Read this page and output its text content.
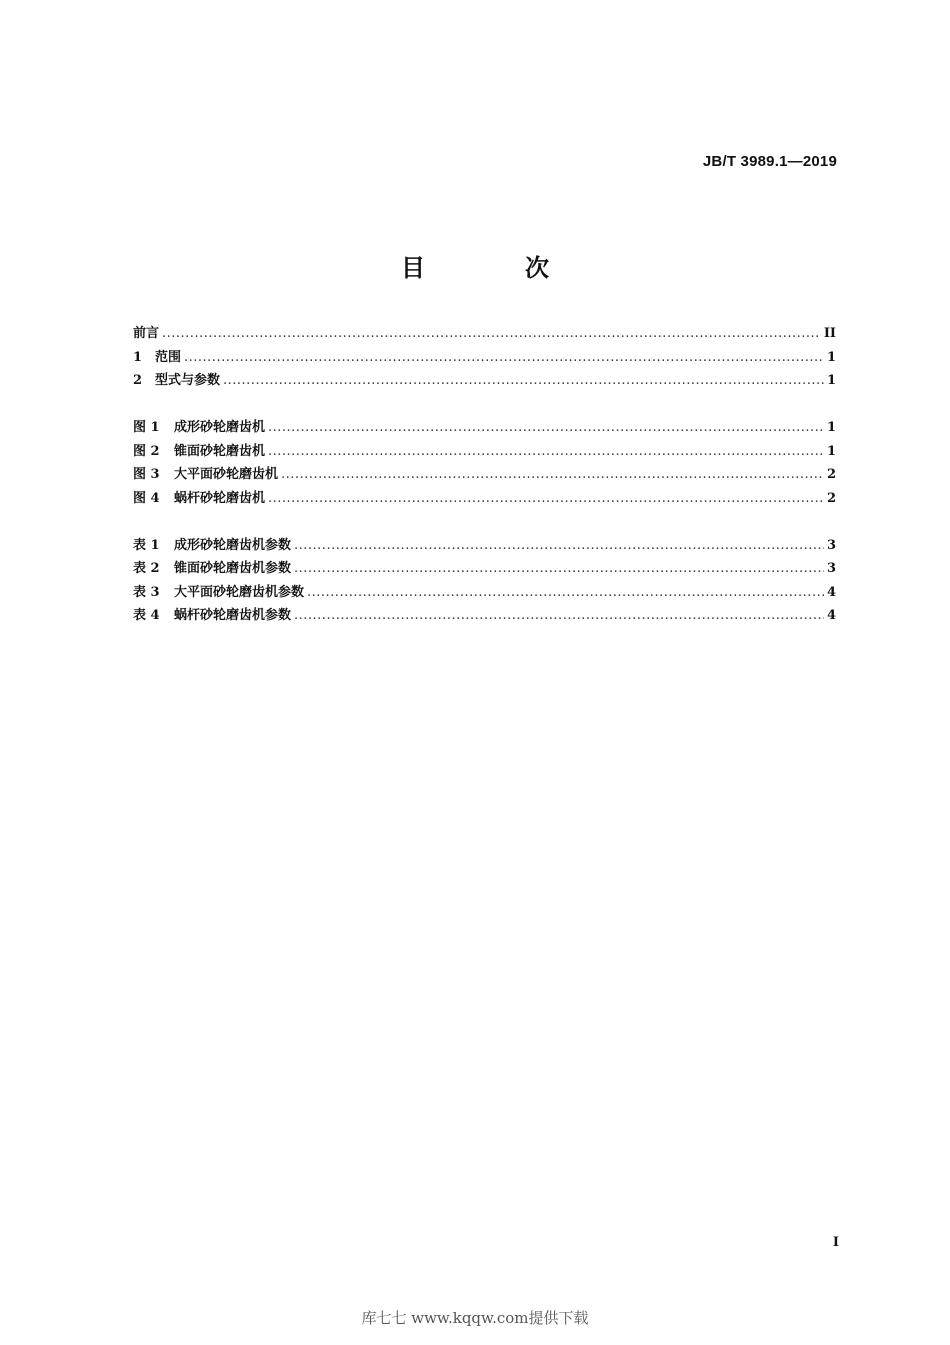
JB/T 3989.1—2019
目　次
前言 .....	II
1 范围 .....	1
2 型式与参数 .....	1
图 1	成形砂轮磨齿机 .....	1
图 2	锥面砂轮磨齿机 .....	1
图 3	大平面砂轮磨齿机 .....	2
图 4	蜗杆砂轮磨齿机 .....	2
表 1	成形砂轮磨齿机参数 .....	3
表 2	锥面砂轮磨齿机参数 .....	3
表 3	大平面砂轮磨齿机参数 .....	4
表 4	蜗杆砂轮磨齿机参数 .....	4
I
库七七 www.kqqw.com提供下载
